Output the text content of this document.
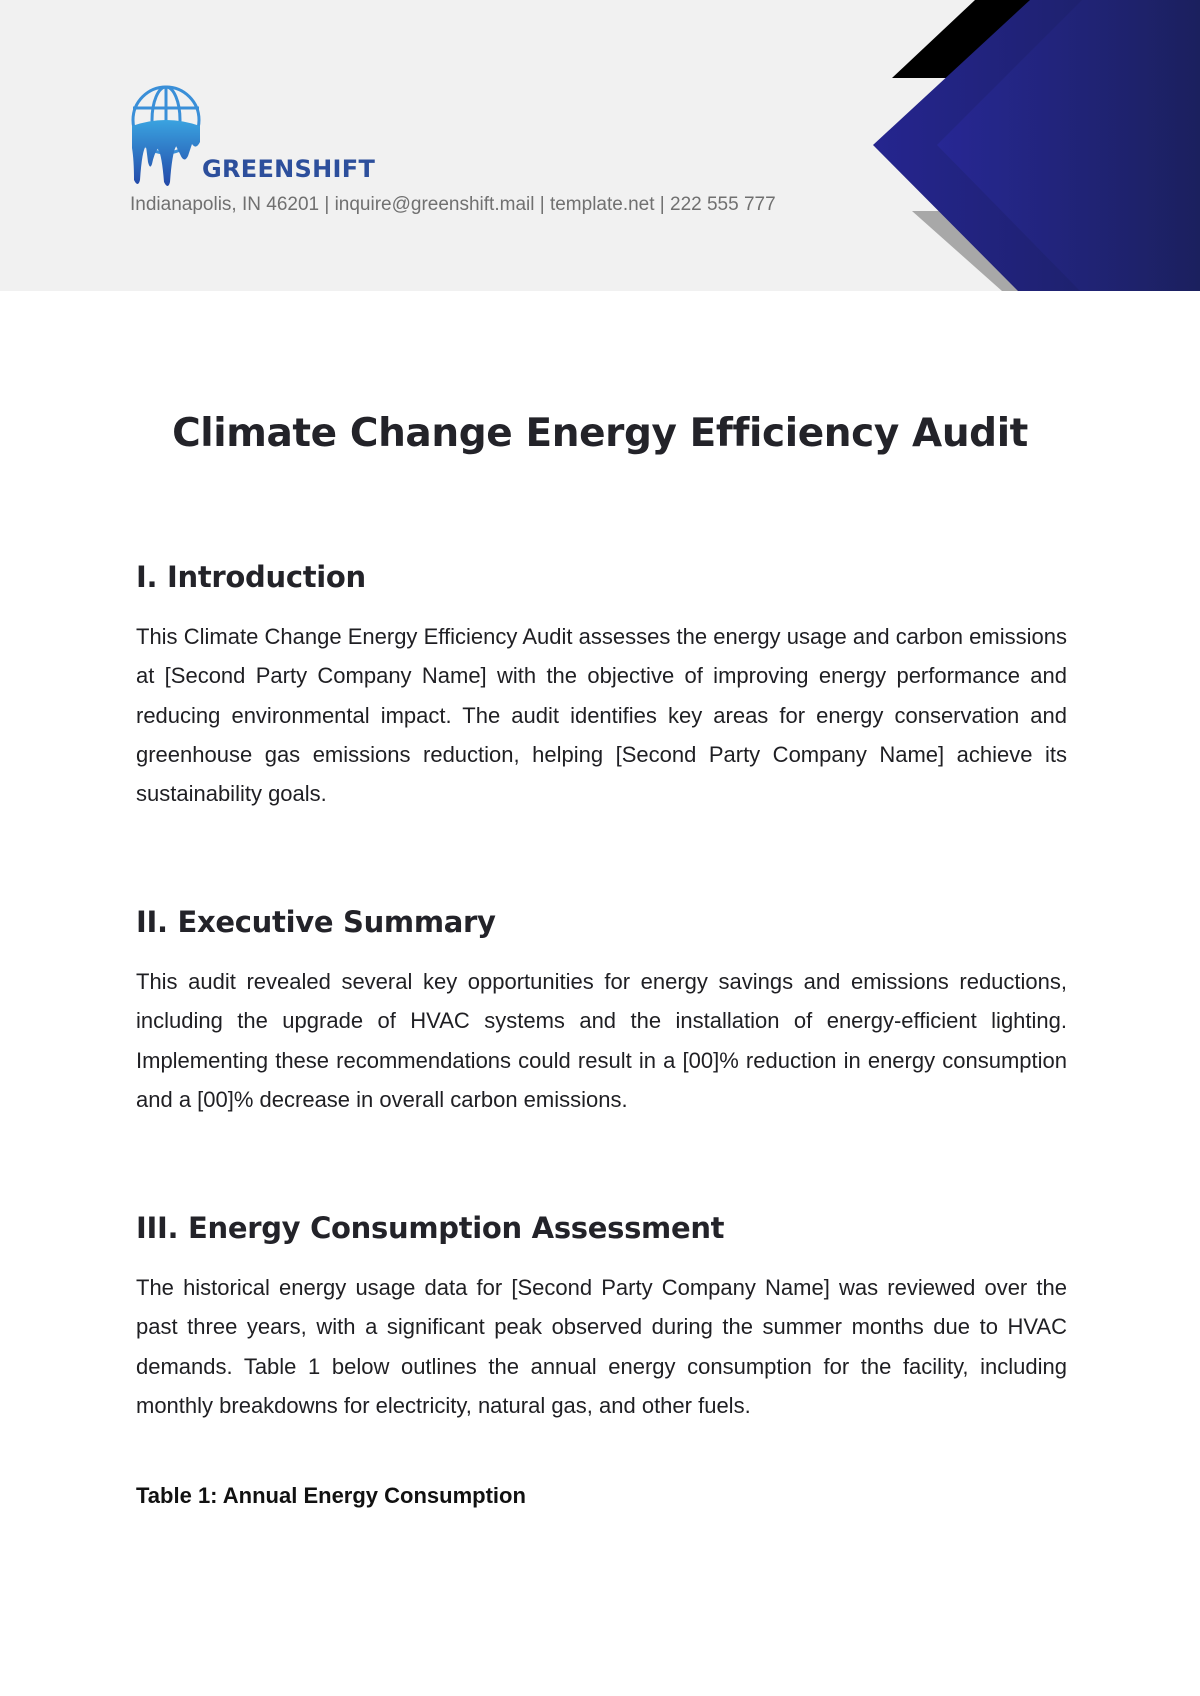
GREENSHIFT
Indianapolis, IN 46201 | inquire@greenshift.mail | template.net | 222 555 777
Climate Change Energy Efficiency Audit
I. Introduction

This Climate Change Energy Efficiency Audit assesses the energy usage and carbon emissions at [Second Party Company Name] with the objective of improving energy performance and reducing environmental impact. The audit identifies key areas for energy conservation and greenhouse gas emissions reduction, helping [Second Party Company Name] achieve its sustainability goals.

II. Executive Summary

This audit revealed several key opportunities for energy savings and emissions reductions, including the upgrade of HVAC systems and the installation of energy-efficient lighting. Implementing these recommendations could result in a [00]% reduction in energy consumption and a [00]% decrease in overall carbon emissions.

III. Energy Consumption Assessment

The historical energy usage data for [Second Party Company Name] was reviewed over the past three years, with a significant peak observed during the summer months due to HVAC demands. Table 1 below outlines the annual energy consumption for the facility, including monthly breakdowns for electricity, natural gas, and other fuels.

Table 1: Annual Energy Consumption
